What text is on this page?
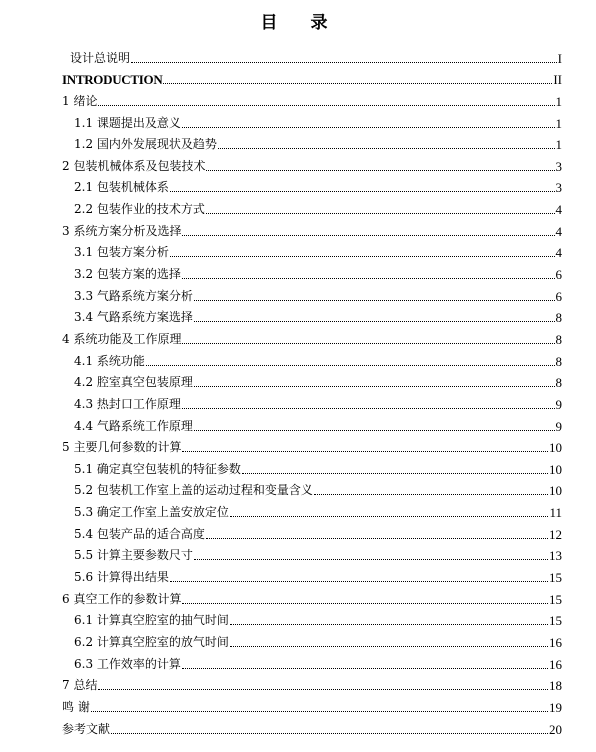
目　录
设计总说明	I
INTRODUCTION	II
1 绪论	1
1.1 课题提出及意义	1
1.2 国内外发展现状及趋势	1
2 包装机械体系及包装技术	3
2.1 包装机械体系	3
2.2 包装作业的技术方式	4
3 系统方案分析及选择	4
3.1 包装方案分析	4
3.2 包装方案的选择	6
3.3 气路系统方案分析	6
3.4 气路系统方案选择	8
4 系统功能及工作原理	8
4.1 系统功能	8
4.2 腔室真空包装原理	8
4.3 热封口工作原理	9
4.4 气路系统工作原理	9
5 主要几何参数的计算	10
5.1 确定真空包装机的特征参数	10
5.2 包装机工作室上盖的运动过程和变量含义	10
5.3 确定工作室上盖安放定位	11
5.4 包装产品的适合高度	12
5.5 计算主要参数尺寸	13
5.6 计算得出结果	15
6 真空工作的参数计算	15
6.1 计算真空腔室的抽气时间	15
6.2 计算真空腔室的放气时间	16
6.3 工作效率的计算	16
7 总结	18
鸣 谢	19
参考文献	20
